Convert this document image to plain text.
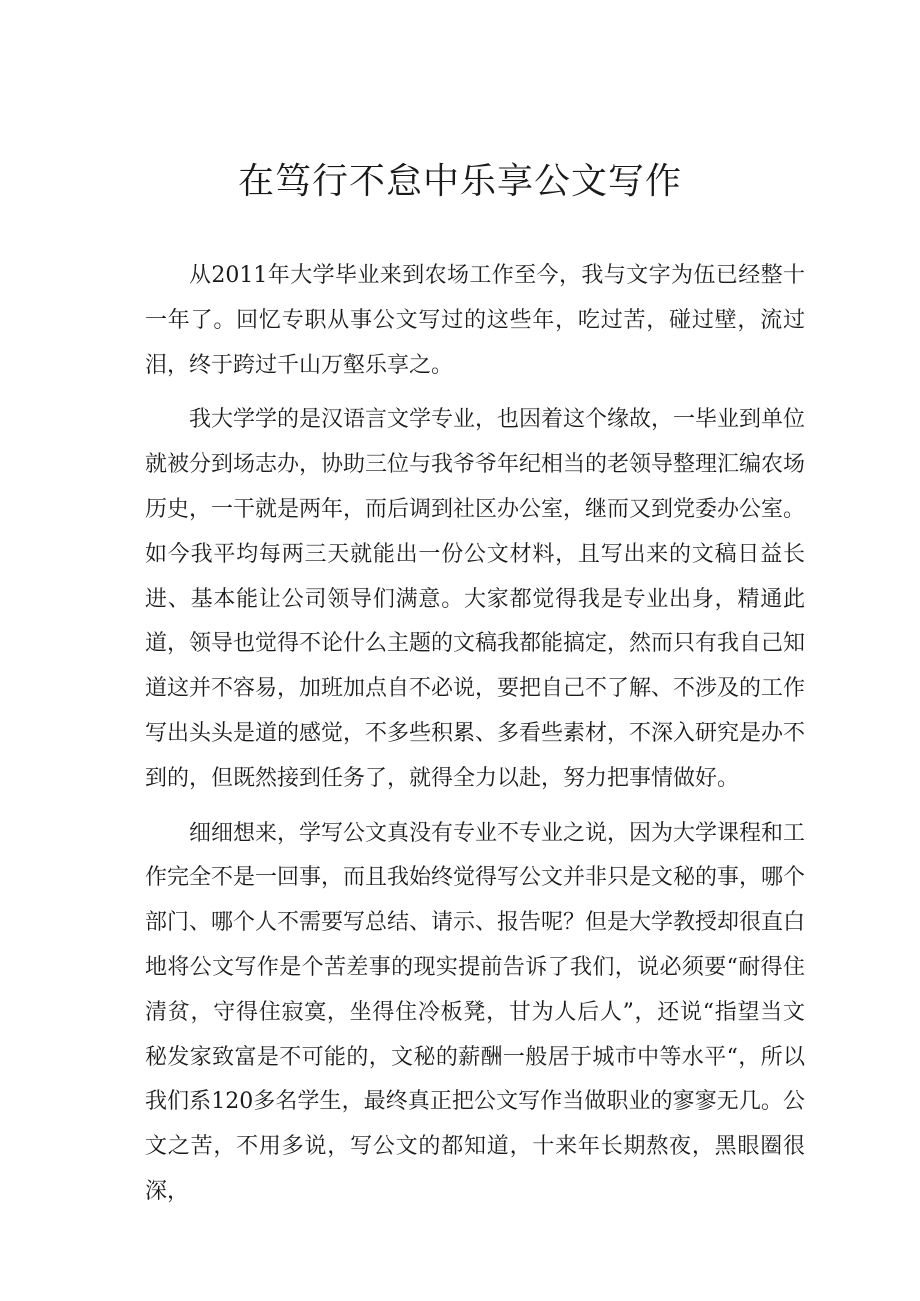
在笃行不怠中乐享公文写作

从2011年大学毕业来到农场工作至今，我与文字为伍已经整十一年了。回忆专职从事公文写过的这些年，吃过苦，碰过壁，流过泪，终于跨过千山万壑乐享之。

我大学学的是汉语言文学专业，也因着这个缘故，一毕业到单位就被分到场志办，协助三位与我爷爷年纪相当的老领导整理汇编农场历史，一干就是两年，而后调到社区办公室，继而又到党委办公室。如今我平均每两三天就能出一份公文材料，且写出来的文稿日益长进、基本能让公司领导们满意。大家都觉得我是专业出身，精通此道，领导也觉得不论什么主题的文稿我都能搞定，然而只有我自己知道这并不容易，加班加点自不必说，要把自己不了解、不涉及的工作写出头头是道的感觉，不多些积累、多看些素材，不深入研究是办不到的，但既然接到任务了，就得全力以赴，努力把事情做好。

细细想来，学写公文真没有专业不专业之说，因为大学课程和工作完全不是一回事，而且我始终觉得写公文并非只是文秘的事，哪个部门、哪个人不需要写总结、请示、报告呢？但是大学教授却很直白地将公文写作是个苦差事的现实提前告诉了我们，说必须要“耐得住清贫，守得住寂寞，坐得住冷板凳，甘为人后人”，还说“指望当文秘发家致富是不可能的，文秘的薪酬一般居于城市中等水平“，所以我们系120多名学生，最终真正把公文写作当做职业的寥寥无几。公文之苦，不用多说，写公文的都知道，十来年长期熬夜，黑眼圈很深，
